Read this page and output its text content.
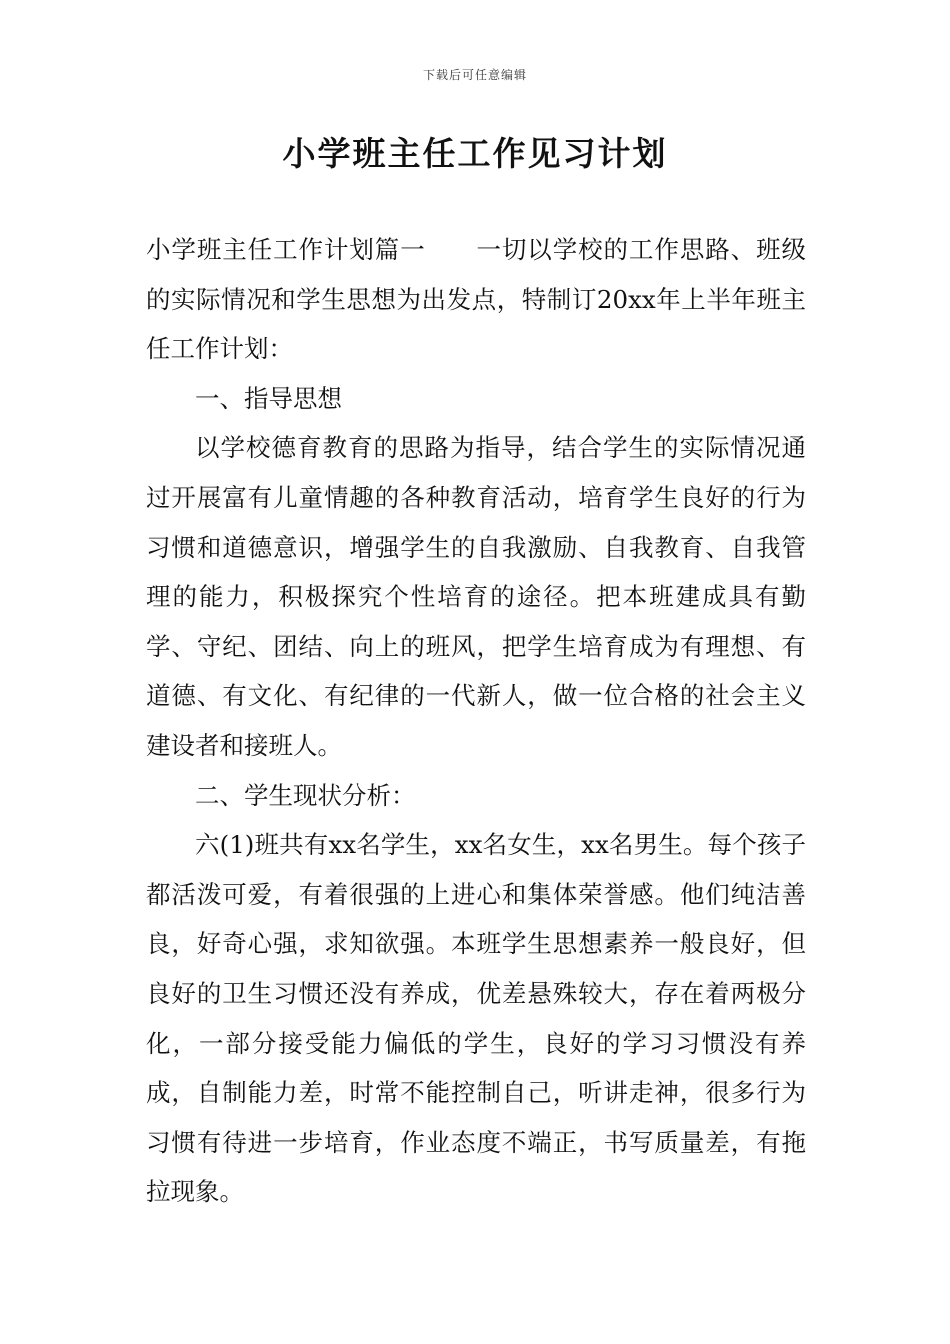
下载后可任意编辑
小学班主任工作见习计划

小学班主任工作计划篇一　　一切以学校的工作思路、班级的实际情况和学生思想为出发点，特制订20xx年上半年班主任工作计划：

一、指导思想

以学校德育教育的思路为指导，结合学生的实际情况通过开展富有儿童情趣的各种教育活动，培育学生良好的行为习惯和道德意识，增强学生的自我激励、自我教育、自我管理的能力，积极探究个性培育的途径。把本班建成具有勤学、守纪、团结、向上的班风，把学生培育成为有理想、有道德、有文化、有纪律的一代新人，做一位合格的社会主义建设者和接班人。

二、学生现状分析：

六(1)班共有xx名学生，xx名女生，xx名男生。每个孩子都活泼可爱，有着很强的上进心和集体荣誉感。他们纯洁善良，好奇心强，求知欲强。本班学生思想素养一般良好，但良好的卫生习惯还没有养成，优差悬殊较大，存在着两极分化，一部分接受能力偏低的学生，良好的学习习惯没有养成，自制能力差，时常不能控制自己，听讲走神，很多行为习惯有待进一步培育，作业态度不端正，书写质量差，有拖拉现象。
